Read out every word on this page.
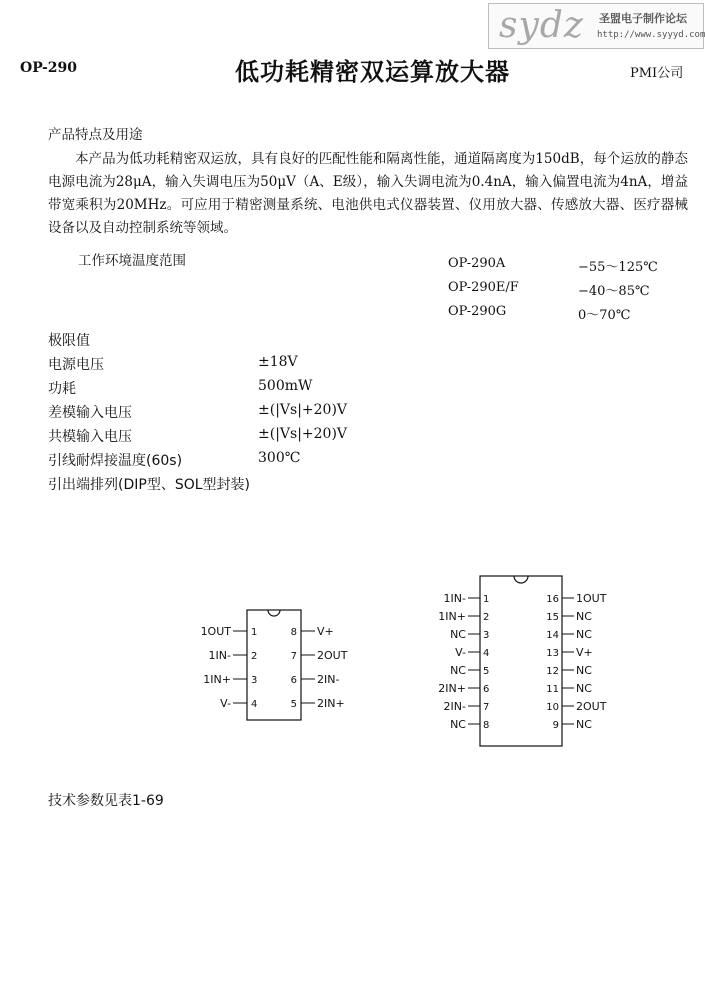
sydz 圣盟电子制作论坛
http://www.syyyd.com
OP-290	低功耗精密双运算放大器	PMI公司
产品特点及用途
本产品为低功耗精密双运放，具有良好的匹配性能和隔离性能，通道隔离度为150dB，每个运放的静态电源电流为28μA，输入失调电压为50μV（A、E级），输入失调电流为0.4nA，输入偏置电流为4nA，增益带宽乘积为20MHz。可应用于精密测量系统、电池供电式仪器装置、仪用放大器、传感放大器、医疗器械设备以及自动控制系统等领域。
工作环境温度范围	OP-290A	−55～125℃
OP-290E/F	−40～85℃
OP-290G	0～70℃
极限值
电源电压	±18V
功耗	500mW
差模输入电压	±(|Vs|+20)V
共模输入电压	±(|Vs|+20)V
引线耐焊接温度(60s)	300℃
引出端排列(DIP型、SOL型封装)
1OUT 1
1IN- 2
1IN+ 3
V- 4
V+
8
2OUT
7
2IN-
6
2IN+
5
1IN- 1
1IN+ 2
NC 3
V- 4
NC 5
2IN+ 6
2IN- 7
NC 8
1OUT
16
NC
15
NC
14
V+
13
NC
12
NC
11
2OUT
10
NC
9
技术参数见表1-69
